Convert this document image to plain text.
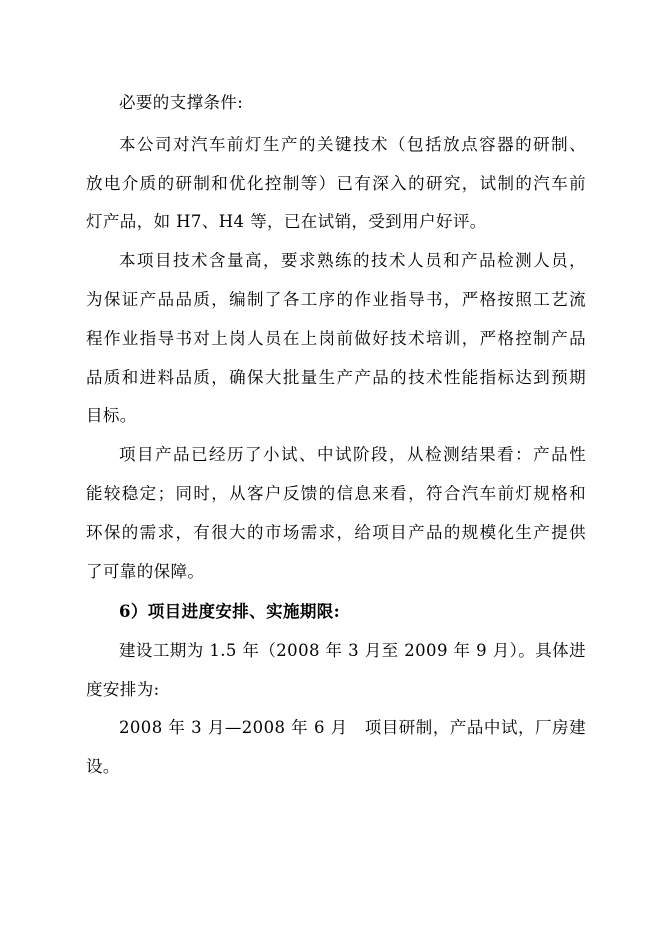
必要的支撑条件:
本公司对汽车前灯生产的关键技术（包括放点容器的研制、
放电介质的研制和优化控制等）已有深入的研究，试制的汽车前
灯产品，如 H7、H4 等，已在试销，受到用户好评。
本项目技术含量高，要求熟练的技术人员和产品检测人员，
为保证产品品质，编制了各工序的作业指导书，严格按照工艺流
程作业指导书对上岗人员在上岗前做好技术培训，严格控制产品
品质和进料品质，确保大批量生产产品的技术性能指标达到预期
目标。
项目产品已经历了小试、中试阶段，从检测结果看：产品性
能较稳定；同时，从客户反馈的信息来看，符合汽车前灯规格和
环保的需求，有很大的市场需求，给项目产品的规模化生产提供
了可靠的保障。
6）项目进度安排、实施期限:
建设工期为 1.5 年（2008 年 3 月至 2009 年 9 月）。具体进
度安排为:
2008 年 3 月—2008 年 6 月　项目研制，产品中试，厂房建
设。
